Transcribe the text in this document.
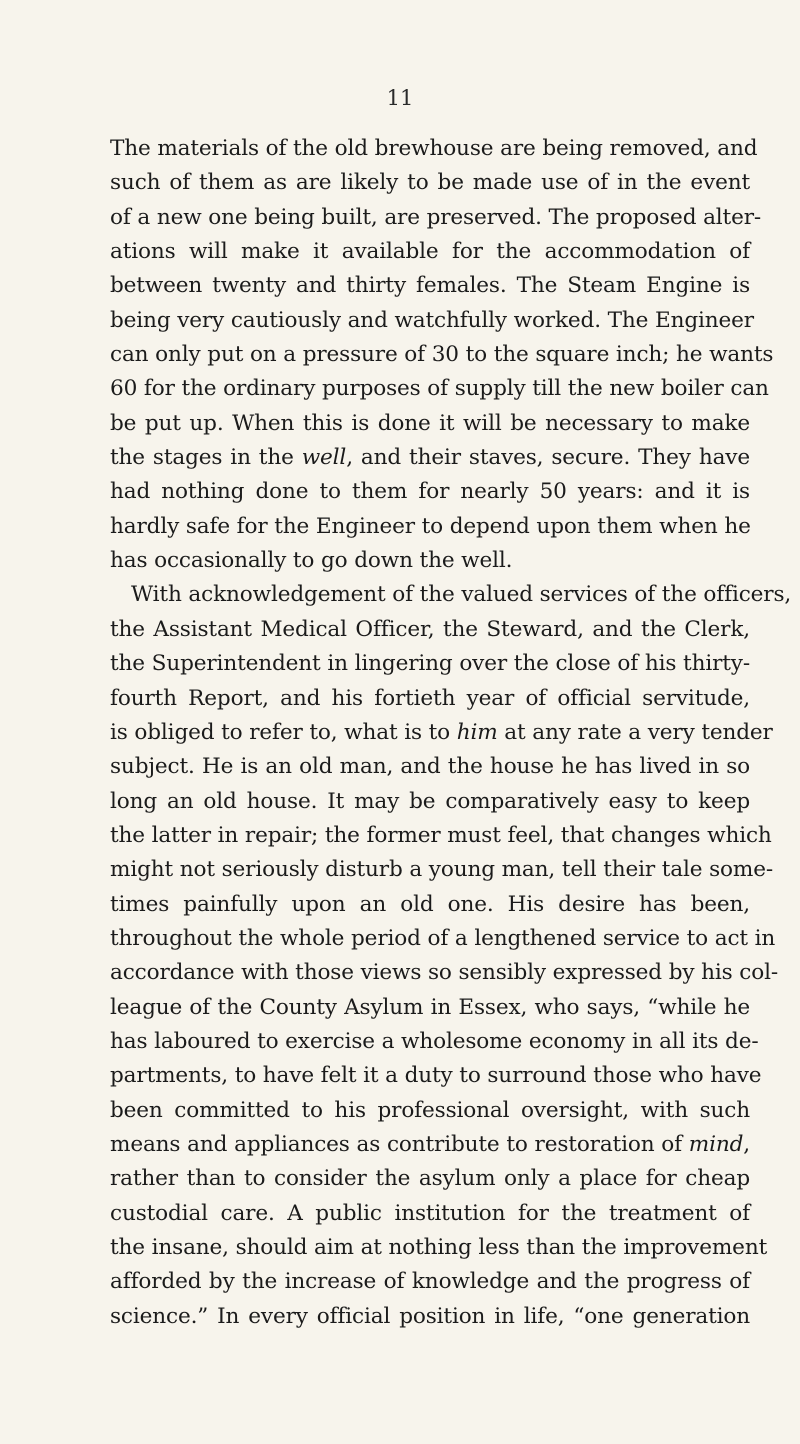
11
The materials of the old brewhouse are being removed, and
such of them as are likely to be made use of in the event
of a new one being built, are preserved. The proposed alter-
ations will make it available for the accommodation of
between twenty and thirty females. The Steam Engine is
being very cautiously and watchfully worked. The Engineer
can only put on a pressure of 30 to the square inch; he wants
60 for the ordinary purposes of supply till the new boiler can
be put up. When this is done it will be necessary to make
the stages in the well, and their staves, secure. They have
had nothing done to them for nearly 50 years: and it is
hardly safe for the Engineer to depend upon them when he
has occasionally to go down the well.
With acknowledgement of the valued services of the officers,
the Assistant Medical Officer, the Steward, and the Clerk,
the Superintendent in lingering over the close of his thirty-
fourth Report, and his fortieth year of official servitude,
is obliged to refer to, what is to him at any rate a very tender
subject. He is an old man, and the house he has lived in so
long an old house. It may be comparatively easy to keep
the latter in repair; the former must feel, that changes which
might not seriously disturb a young man, tell their tale some-
times painfully upon an old one. His desire has been,
throughout the whole period of a lengthened service to act in
accordance with those views so sensibly expressed by his col-
league of the County Asylum in Essex, who says, “while he
has laboured to exercise a wholesome economy in all its de-
partments, to have felt it a duty to surround those who have
been committed to his professional oversight, with such
means and appliances as contribute to restoration of mind,
rather than to consider the asylum only a place for cheap
custodial care. A public institution for the treatment of
the insane, should aim at nothing less than the improvement
afforded by the increase of knowledge and the progress of
science.” In every official position in life, “one generation
